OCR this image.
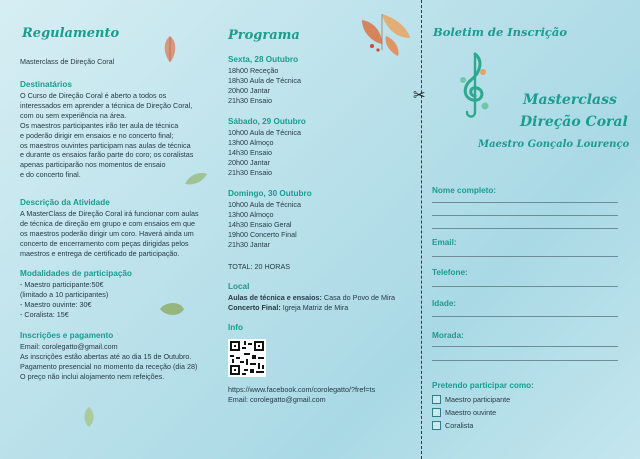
Regulamento
Masterclass de Direção Coral
Destinatários
O Curso de Direção Coral é aberto a todos os
interessados em aprender a técnica de Direção Coral,
com ou sem experiência na área.
Os maestros participantes irão ter aula de técnica
e poderão dirigir em ensaios e no concerto final;
os maestros ouvintes participam nas aulas de técnica
e durante os ensaios farão parte do coro; os coralistas
apenas participarão nos momentos de ensaio
e do concerto final.
Descrição da Atividade
A MasterClass de Direção Coral irá funcionar com aulas
de técnica de direção em grupo e com ensaios em que
os maestros poderão dirigir um coro. Haverá ainda um
concerto de encerramento com peças dirigidas pelos
maestros e entrega de certificado de participação.
Modalidades de participação
- Maestro participante:50€
(limitado a 10 participantes)
- Maestro ouvinte: 30€
- Coralista: 15€
Inscrições e pagamento
Email: corolegatto@gmail.com
As inscrições estão abertas até ao dia 15 de Outubro.
Pagamento presencial no momento da receção (dia 28)
O preço não inclui alojamento nem refeições.
Programa
Sexta, 28 Outubro
18h00 Receção
18h30 Aula de Técnica
20h00 Jantar
21h30 Ensaio
Sábado, 29 Outubro
10h00 Aula de Técnica
13h00 Almoço
14h30 Ensaio
20h00 Jantar
21h30 Ensaio
Domingo, 30 Outubro
10h00 Aula de Técnica
13h00 Almoço
14h30 Ensaio Geral
19h00 Concerto Final
21h30 Jantar
TOTAL: 20 HORAS
Local
Aulas de técnica e ensaios: Casa do Povo de Mira
Concerto Final: Igreja Matriz de Mira
Info
https://www.facebook.com/corolegatto/?fref=ts
Email: corolegatto@gmail.com
✂
Boletim de Inscrição
Masterclass
Direção Coral
Maestro Gonçalo Lourenço
Nome completo:
Email:
Telefone:
Idade:
Morada:
Pretendo participar como:
Maestro participante
Maestro ouvinte
Coralista
